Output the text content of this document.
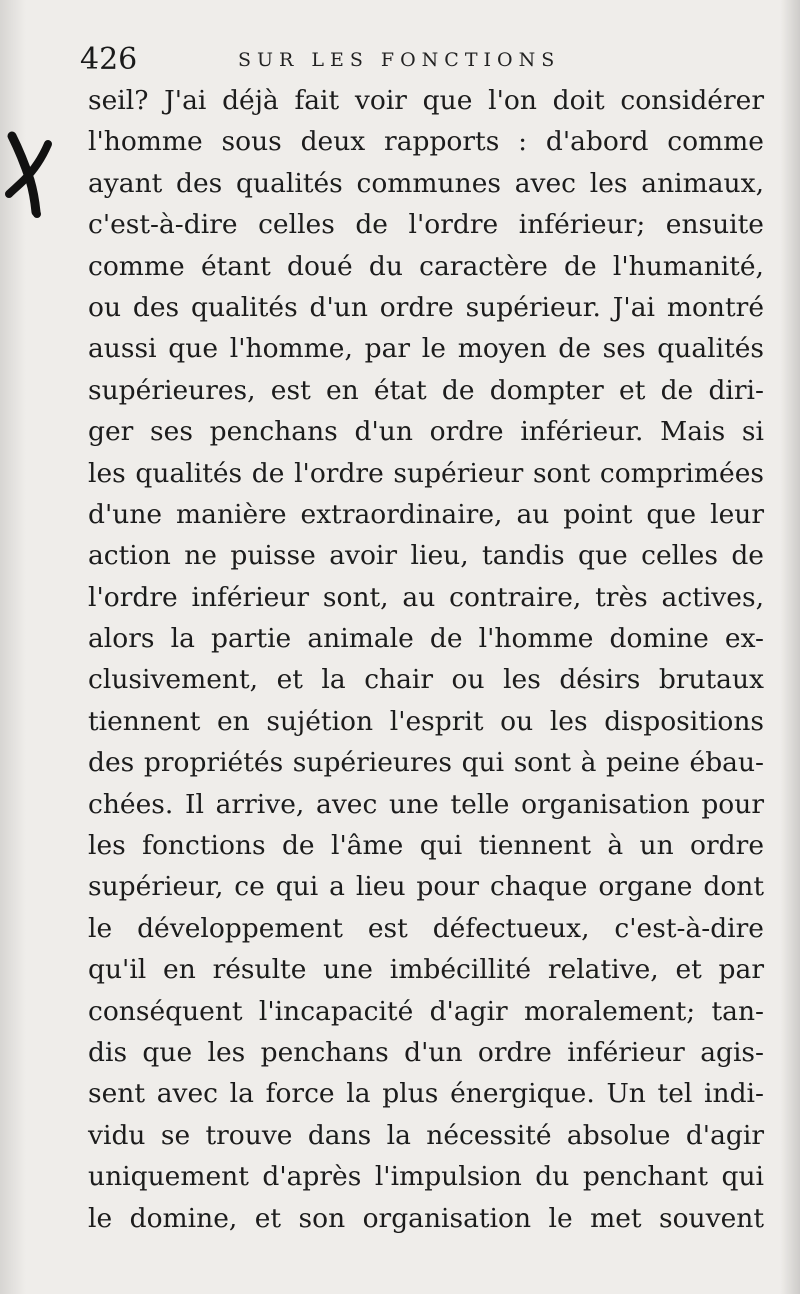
426	SUR LES FONCTIONS
seil? J'ai déjà fait voir que l'on doit considérer
l'homme sous deux rapports : d'abord comme
ayant des qualités communes avec les animaux,
c'est-à-dire celles de l'ordre inférieur; ensuite
comme étant doué du caractère de l'humanité,
ou des qualités d'un ordre supérieur. J'ai montré
aussi que l'homme, par le moyen de ses qualités
supérieures, est en état de dompter et de diri-
ger ses penchans d'un ordre inférieur. Mais si
les qualités de l'ordre supérieur sont comprimées
d'une manière extraordinaire, au point que leur
action ne puisse avoir lieu, tandis que celles de
l'ordre inférieur sont, au contraire, très actives,
alors la partie animale de l'homme domine ex-
clusivement, et la chair ou les désirs brutaux
tiennent en sujétion l'esprit ou les dispositions
des propriétés supérieures qui sont à peine ébau-
chées. Il arrive, avec une telle organisation pour
les fonctions de l'âme qui tiennent à un ordre
supérieur, ce qui a lieu pour chaque organe dont
le développement est défectueux, c'est-à-dire
qu'il en résulte une imbécillité relative, et par
conséquent l'incapacité d'agir moralement; tan-
dis que les penchans d'un ordre inférieur agis-
sent avec la force la plus énergique. Un tel indi-
vidu se trouve dans la nécessité absolue d'agir
uniquement d'après l'impulsion du penchant qui
le domine, et son organisation le met souvent
